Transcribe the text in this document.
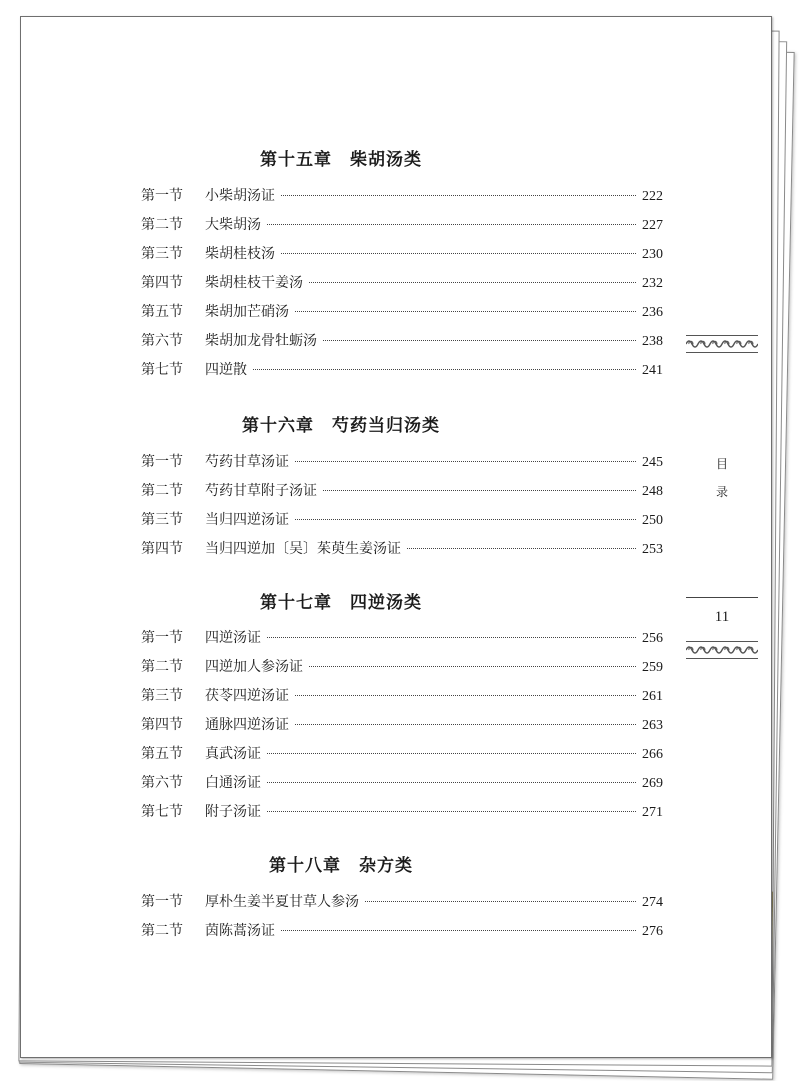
第十五章　柴胡汤类
第一节	小柴胡汤证	222
第二节	大柴胡汤	227
第三节	柴胡桂枝汤	230
第四节	柴胡桂枝干姜汤	232
第五节	柴胡加芒硝汤	236
第六节	柴胡加龙骨牡蛎汤	238
第七节	四逆散	241
第十六章　芍药当归汤类
第一节	芍药甘草汤证	245
第二节	芍药甘草附子汤证	248
第三节	当归四逆汤证	250
第四节	当归四逆加〔吴〕茱萸生姜汤证	253
第十七章　四逆汤类
第一节	四逆汤证	256
第二节	四逆加人参汤证	259
第三节	茯苓四逆汤证	261
第四节	通脉四逆汤证	263
第五节	真武汤证	266
第六节	白通汤证	269
第七节	附子汤证	271
第十八章　杂方类
第一节	厚朴生姜半夏甘草人参汤	274
第二节	茵陈蒿汤证	276
目
录
11
